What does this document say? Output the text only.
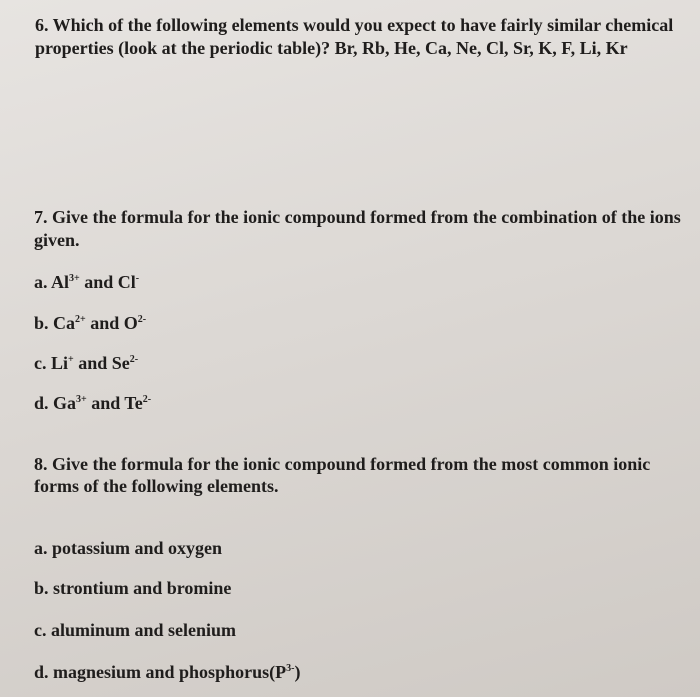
6. Which of the following elements would you expect to have fairly similar chemical

properties (look at the periodic table)? Br, Rb, He, Ca, Ne, Cl, Sr, K, F, Li, Kr

7. Give the formula for the ionic compound formed from the combination of the ions

given.

a. $Al^{3+}$ and Cl-

b. $Ca^{2+}$ and $O^{2-}$

c. Li+ and $Se^{2-}$

d. $Ga^{3+}$ and $Te^{2-}$

8. Give the formula for the ionic compound formed from the most common ionic

forms of the following elements.

a. potassium and oxygen

b. strontium and bromine

c. aluminum and selenium

d. magnesium and $phosphorus(P^{3-})$
